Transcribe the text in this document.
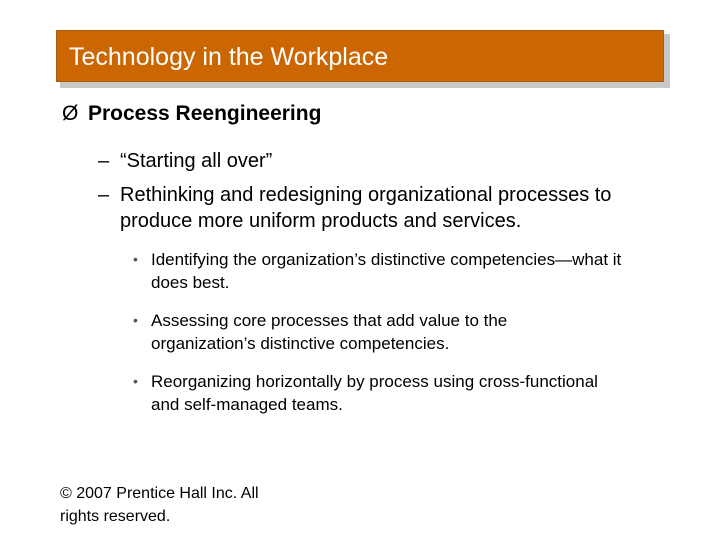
Technology in the Workplace
Ø Process Reengineering
– “Starting all over”
– Rethinking and redesigning organizational processes to produce more uniform products and services.
• Identifying the organization’s distinctive competencies—what it does best.
• Assessing core processes that add value to the organization’s distinctive competencies.
• Reorganizing horizontally by process using cross-functional and self-managed teams.
© 2007 Prentice Hall Inc. All rights reserved.
